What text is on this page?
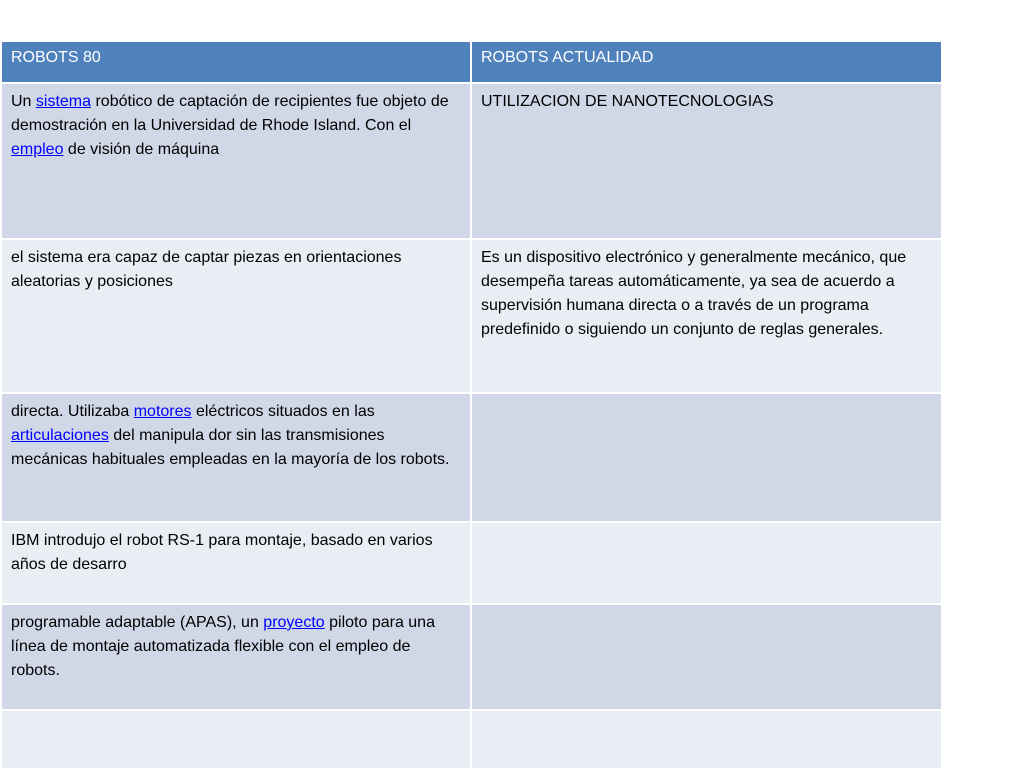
ROBOTS 80	ROBOTS ACTUALIDAD
Un sistema robótico de captación de recipientes fue objeto de demostración en la Universidad de Rhode Island. Con el empleo de visión de máquina	UTILIZACION DE NANOTECNOLOGIAS
el sistema era capaz de captar piezas en orientaciones aleatorias y posiciones	Es un dispositivo electrónico y generalmente mecánico, que desempeña tareas automáticamente, ya sea de acuerdo a supervisión humana directa o a través de un programa predefinido o siguiendo un conjunto de reglas generales.
directa. Utilizaba motores eléctricos situados en las articulaciones del manipula dor sin las transmisiones mecánicas habituales empleadas en la mayoría de los robots.	
IBM introdujo el robot RS-1 para montaje, basado en varios años de desarro	
programable adaptable (APAS), un proyecto piloto para una línea de montaje automatizada flexible con el empleo de robots.	
